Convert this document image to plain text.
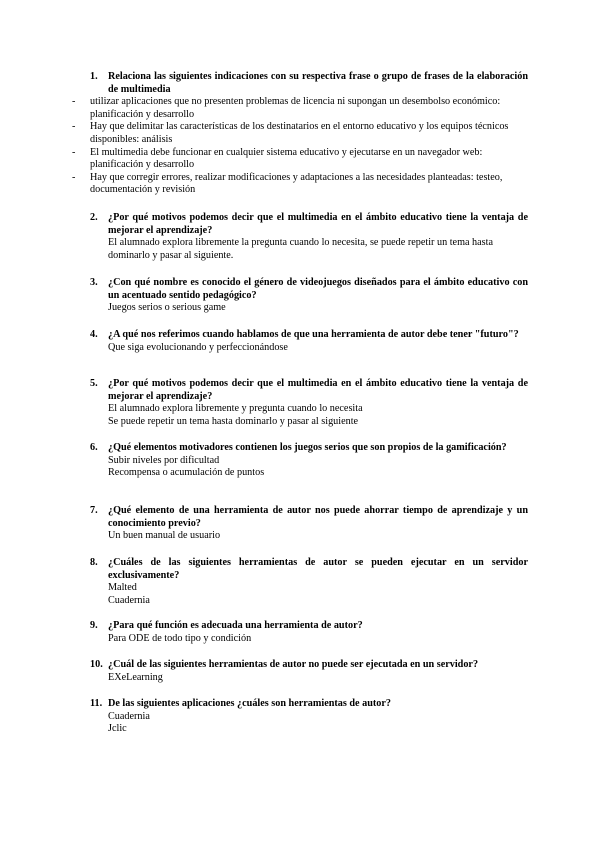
1.	Relaciona las siguientes indicaciones con su respectiva frase o grupo de frases de la elaboración de multimedia
-	utilizar aplicaciones que no presenten problemas de licencia ni supongan un desembolso económico: planificación y desarrollo
-	Hay que delimitar las características de los destinatarios en el entorno educativo y los equipos técnicos disponibles: análisis
-	El multimedia debe funcionar en cualquier sistema educativo y ejecutarse en un navegador web: planificación y desarrollo
-	Hay que corregir errores, realizar modificaciones y adaptaciones a las necesidades planteadas: testeo, documentación y revisión
2.	¿Por qué motivos podemos decir que el multimedia en el ámbito educativo tiene la ventaja de mejorar el aprendizaje?
El alumnado explora libremente la pregunta cuando lo necesita, se puede repetir un tema hasta dominarlo y pasar al siguiente.
3.	¿Con qué nombre es conocido el género de videojuegos diseñados para el ámbito educativo con un acentuado sentido pedagógico?
Juegos serios o serious game
4.	¿A qué nos referimos cuando hablamos de que una herramienta de autor debe tener "futuro"?
Que siga evolucionando y perfeccionándose
5.	¿Por qué motivos podemos decir que el multimedia en el ámbito educativo tiene la ventaja de mejorar el aprendizaje?
El alumnado explora libremente y pregunta cuando lo necesita
Se puede repetir un tema hasta dominarlo y pasar al siguiente
6.	¿Qué elementos motivadores contienen los juegos serios que son propios de la gamificación?
Subir niveles por dificultad
Recompensa o acumulación de puntos
7.	¿Qué elemento de una herramienta de autor nos puede ahorrar tiempo de aprendizaje y un conocimiento previo?
Un buen manual de usuario
8.	¿Cuáles de las siguientes herramientas de autor se pueden ejecutar en un servidor exclusivamente?
Malted
Cuadernia
9.	¿Para qué función es adecuada una herramienta de autor?
Para ODE de todo tipo y condición
10. ¿Cuál de las siguientes herramientas de autor no puede ser ejecutada en un servidor?
EXeLearning
11. De las siguientes aplicaciones ¿cuáles son herramientas de autor?
Cuadernia
Jclic
